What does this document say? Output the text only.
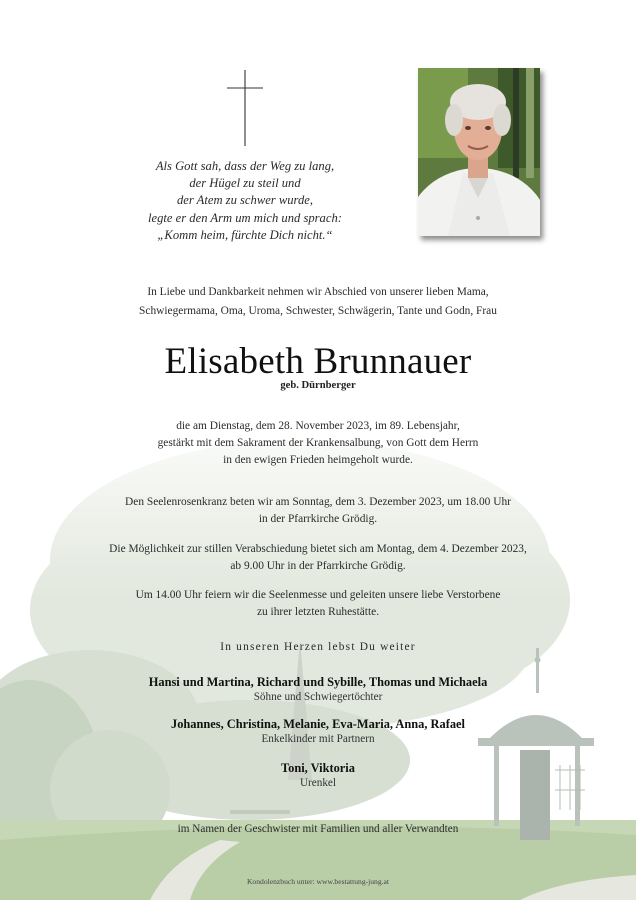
Als Gott sah, dass der Weg zu lang,
der Hügel zu steil und
der Atem zu schwer wurde,
legte er den Arm um mich und sprach:
„Komm heim, fürchte Dich nicht.“
In Liebe und Dankbarkeit nehmen wir Abschied von unserer lieben Mama,
Schwiegermama, Oma, Uroma, Schwester, Schwägerin, Tante und Godn, Frau
Elisabeth Brunnauer
geb. Dürnberger
die am Dienstag, dem 28. November 2023, im 89. Lebensjahr,
gestärkt mit dem Sakrament der Krankensalbung, von Gott dem Herrn
in den ewigen Frieden heimgeholt wurde.
Den Seelenrosenkranz beten wir am Sonntag, dem 3. Dezember 2023, um 18.00 Uhr
in der Pfarrkirche Grödig.
Die Möglichkeit zur stillen Verabschiedung bietet sich am Montag, dem 4. Dezember 2023,
ab 9.00 Uhr in der Pfarrkirche Grödig.
Um 14.00 Uhr feiern wir die Seelenmesse und geleiten unsere liebe Verstorbene
zu ihrer letzten Ruhestätte.
In unseren Herzen lebst Du weiter
Hansi und Martina, Richard und Sybille, Thomas und Michaela
Söhne und Schwiegertöchter
Johannes, Christina, Melanie, Eva-Maria, Anna, Rafael
Enkelkinder mit Partnern
Toni, Viktoria
Urenkel
im Namen der Geschwister mit Familien und aller Verwandten
Kondolenzbuch unter: www.bestattung-jung.at
